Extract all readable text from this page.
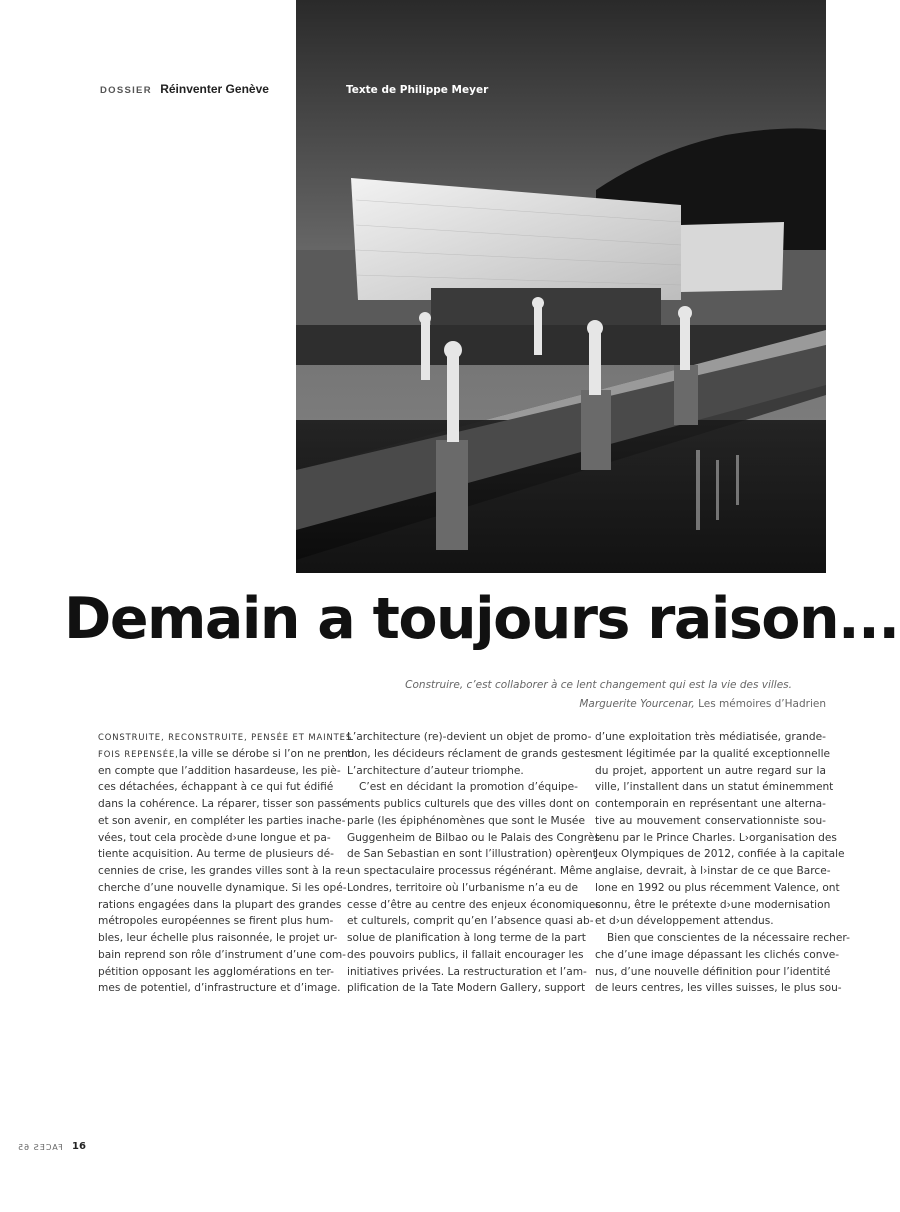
DOSSIER Réinventer Genève	Texte de Philippe Meyer
Demain a toujours raison...
Construire, c’est collaborer à ce lent changement qui est la vie des villes.
Marguerite Yourcenar, Les mémoires d’Hadrien
CONSTRUITE, RECONSTRUITE, PENSÉE ET MAINTES
FOIS REPENSÉE,la ville se dérobe si l’on ne prend
en compte que l’addition hasardeuse, les piè-
ces détachées, échappant à ce qui fut édifié
dans la cohérence. La réparer, tisser son passé
et son avenir, en compléter les parties inache-
vées, tout cela procède d›une longue et pa-
tiente acquisition. Au terme de plusieurs dé-
cennies de crise, les grandes villes sont à la re-
cherche d’une nouvelle dynamique. Si les opé-
rations engagées dans la plupart des grandes
métropoles européennes se firent plus hum-
bles, leur échelle plus raisonnée, le projet ur-
bain reprend son rôle d’instrument d’une com-
pétition opposant les agglomérations en ter-
mes de potentiel, d’infrastructure et d’image.
L’architecture (re)-devient un objet de promo-
tion, les décideurs réclament de grands gestes.
L’architecture d’auteur triomphe.
C’est en décidant la promotion d’équipe-
ments publics culturels que des villes dont on
parle (les épiphénomènes que sont le Musée
Guggenheim de Bilbao ou le Palais des Congrès
de San Sebastian en sont l’illustration) opèrent
un spectaculaire processus régénérant. Même
Londres, territoire où l’urbanisme n’a eu de
cesse d’être au centre des enjeux économiques
et culturels, comprit qu’en l’absence quasi ab-
solue de planification à long terme de la part
des pouvoirs publics, il fallait encourager les
initiatives privées. La restructuration et l’am-
plification de la Tate Modern Gallery, support
d’une exploitation très médiatisée, grande-
ment légitimée par la qualité exceptionnelle
du projet, apportent un autre regard sur la
ville, l’installent dans un statut éminemment
contemporain en représentant une alterna-
tive au mouvement conservationniste sou-
tenu par le Prince Charles. L›organisation des
Jeux Olympiques de 2012, confiée à la capitale
anglaise, devrait, à l›instar de ce que Barce-
lone en 1992 ou plus récemment Valence, ont
connu, être le prétexte d›une modernisation
et d›un développement attendus.
Bien que conscientes de la nécessaire recher-
che d’une image dépassant les clichés conve-
nus, d’une nouvelle définition pour l’identité
de leurs centres, les villes suisses, le plus sou-
FACES 65 16
